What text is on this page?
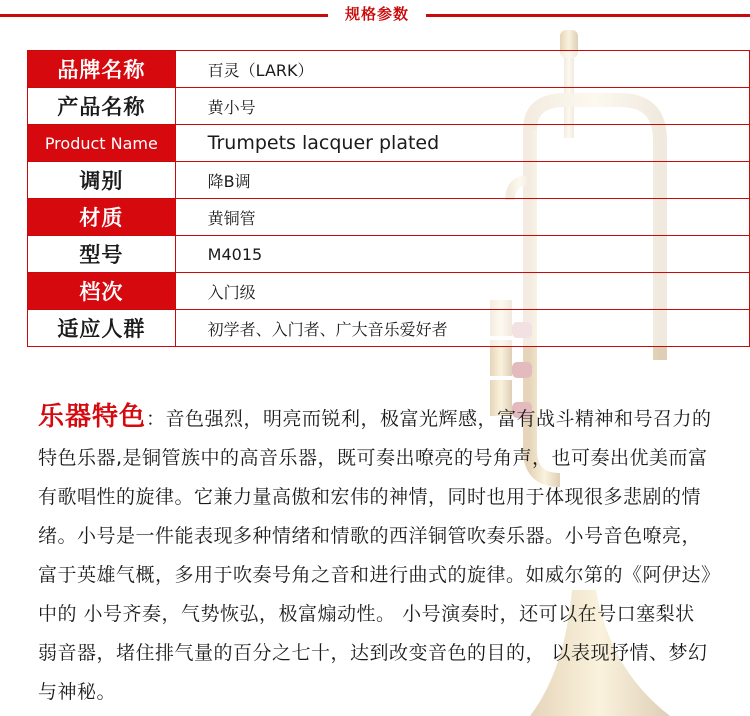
规格参数
品牌名称	百灵（LARK）
产品名称	黄小号
Product Name	Trumpets lacquer plated
调别	降B调
材质	黄铜管
型号	M4015
档次	入门级
适应人群	初学者、入门者、广大音乐爱好者
乐器特色：音色强烈，明亮而锐利，极富光辉感，富有战斗精神和号召力的特色乐器,是铜管族中的高音乐器，既可奏出嘹亮的号角声，也可奏出优美而富有歌唱性的旋律。它兼力量高傲和宏伟的神情，同时也用于体现很多悲剧的情绪。小号是一件能表现多种情绪和情歌的西洋铜管吹奏乐器。小号音色嘹亮，富于英雄气概，多用于吹奏号角之音和进行曲式的旋律。如威尔第的《阿伊达》中的 小号齐奏，气势恢弘，极富煽动性。 小号演奏时，还可以在号口塞梨状弱音器，堵住排气量的百分之七十，达到改变音色的目的， 以表现抒情、梦幻与神秘。
